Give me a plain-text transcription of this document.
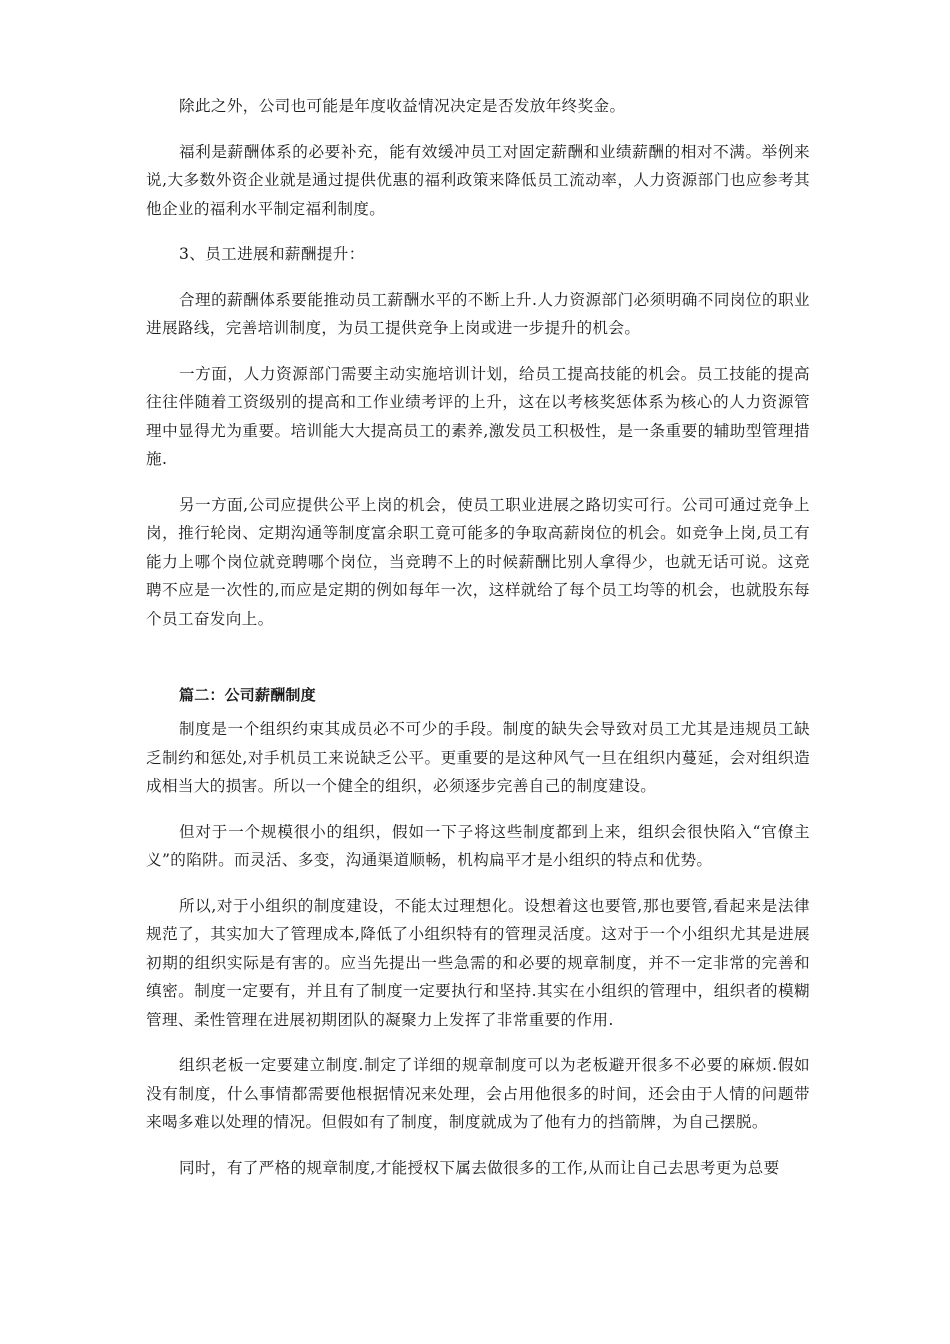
除此之外，公司也可能是年度收益情况决定是否发放年终奖金。

福利是薪酬体系的必要补充，能有效缓冲员工对固定薪酬和业绩薪酬的相对不满。举例来说,大多数外资企业就是通过提供优惠的福利政策来降低员工流动率，人力资源部门也应参考其他企业的福利水平制定福利制度。

3、员工进展和薪酬提升：

合理的薪酬体系要能推动员工薪酬水平的不断上升.人力资源部门必须明确不同岗位的职业进展路线，完善培训制度，为员工提供竞争上岗或进一步提升的机会。

一方面，人力资源部门需要主动实施培训计划，给员工提高技能的机会。员工技能的提高往往伴随着工资级别的提高和工作业绩考评的上升，这在以考核奖惩体系为核心的人力资源管理中显得尤为重要。培训能大大提高员工的素养,激发员工积极性，是一条重要的辅助型管理措施.

另一方面,公司应提供公平上岗的机会，使员工职业进展之路切实可行。公司可通过竞争上岗，推行轮岗、定期沟通等制度富余职工竟可能多的争取高薪岗位的机会。如竞争上岗,员工有能力上哪个岗位就竞聘哪个岗位，当竞聘不上的时候薪酬比别人拿得少，也就无话可说。这竞聘不应是一次性的,而应是定期的例如每年一次，这样就给了每个员工均等的机会，也就股东每个员工奋发向上。

篇二：公司薪酬制度

制度是一个组织约束其成员必不可少的手段。制度的缺失会导致对员工尤其是违规员工缺乏制约和惩处,对手机员工来说缺乏公平。更重要的是这种风气一旦在组织内蔓延，会对组织造成相当大的损害。所以一个健全的组织，必须逐步完善自己的制度建设。

但对于一个规模很小的组织，假如一下子将这些制度都到上来，组织会很快陷入“官僚主义”的陷阱。而灵活、多变，沟通渠道顺畅，机构扁平才是小组织的特点和优势。

所以,对于小组织的制度建设，不能太过理想化。设想着这也要管,那也要管,看起来是法律规范了，其实加大了管理成本,降低了小组织特有的管理灵活度。这对于一个小组织尤其是进展初期的组织实际是有害的。应当先提出一些急需的和必要的规章制度，并不一定非常的完善和缜密。制度一定要有，并且有了制度一定要执行和坚持.其实在小组织的管理中，组织者的模糊管理、柔性管理在进展初期团队的凝聚力上发挥了非常重要的作用.

组织老板一定要建立制度.制定了详细的规章制度可以为老板避开很多不必要的麻烦.假如没有制度，什么事情都需要他根据情况来处理，会占用他很多的时间，还会由于人情的问题带来喝多难以处理的情况。但假如有了制度，制度就成为了他有力的挡箭牌，为自己摆脱。

同时，有了严格的规章制度,才能授权下属去做很多的工作,从而让自己去思考更为总要
